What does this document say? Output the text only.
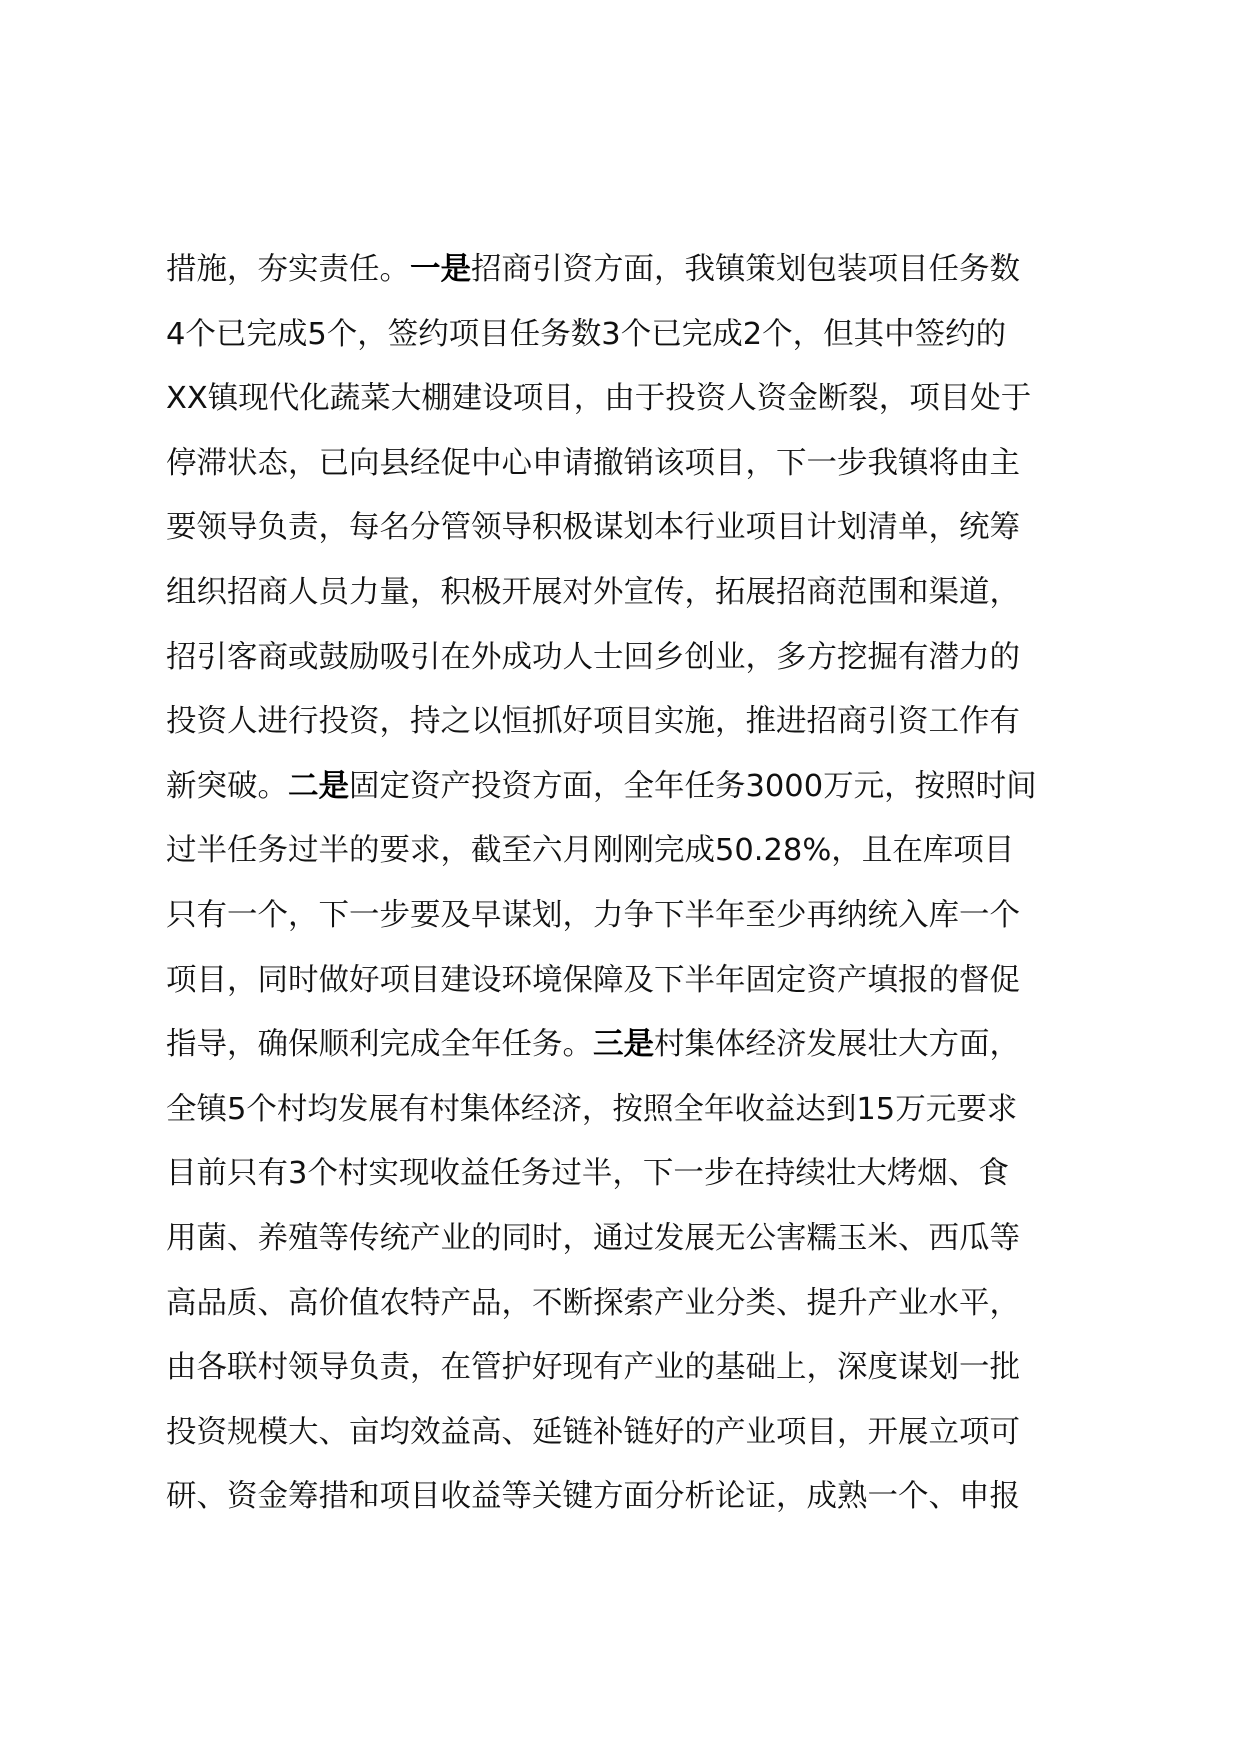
措施，夯实责任。一是招商引资方面，我镇策划包装项目任务数
4个已完成5个，签约项目任务数3个已完成2个，但其中签约的
XX镇现代化蔬菜大棚建设项目，由于投资人资金断裂，项目处于
停滞状态，已向县经促中心申请撤销该项目，下一步我镇将由主
要领导负责，每名分管领导积极谋划本行业项目计划清单，统筹
组织招商人员力量，积极开展对外宣传，拓展招商范围和渠道，
招引客商或鼓励吸引在外成功人士回乡创业，多方挖掘有潜力的
投资人进行投资，持之以恒抓好项目实施，推进招商引资工作有
新突破。二是固定资产投资方面，全年任务3000万元，按照时间
过半任务过半的要求，截至六月刚刚完成50.28%，且在库项目
只有一个，下一步要及早谋划，力争下半年至少再纳统入库一个
项目，同时做好项目建设环境保障及下半年固定资产填报的督促
指导，确保顺利完成全年任务。三是村集体经济发展壮大方面，
全镇5个村均发展有村集体经济，按照全年收益达到15万元要求
目前只有3个村实现收益任务过半，下一步在持续壮大烤烟、食
用菌、养殖等传统产业的同时，通过发展无公害糯玉米、西瓜等
高品质、高价值农特产品，不断探索产业分类、提升产业水平，
由各联村领导负责，在管护好现有产业的基础上，深度谋划一批
投资规模大、亩均效益高、延链补链好的产业项目，开展立项可
研、资金筹措和项目收益等关键方面分析论证，成熟一个、申报
